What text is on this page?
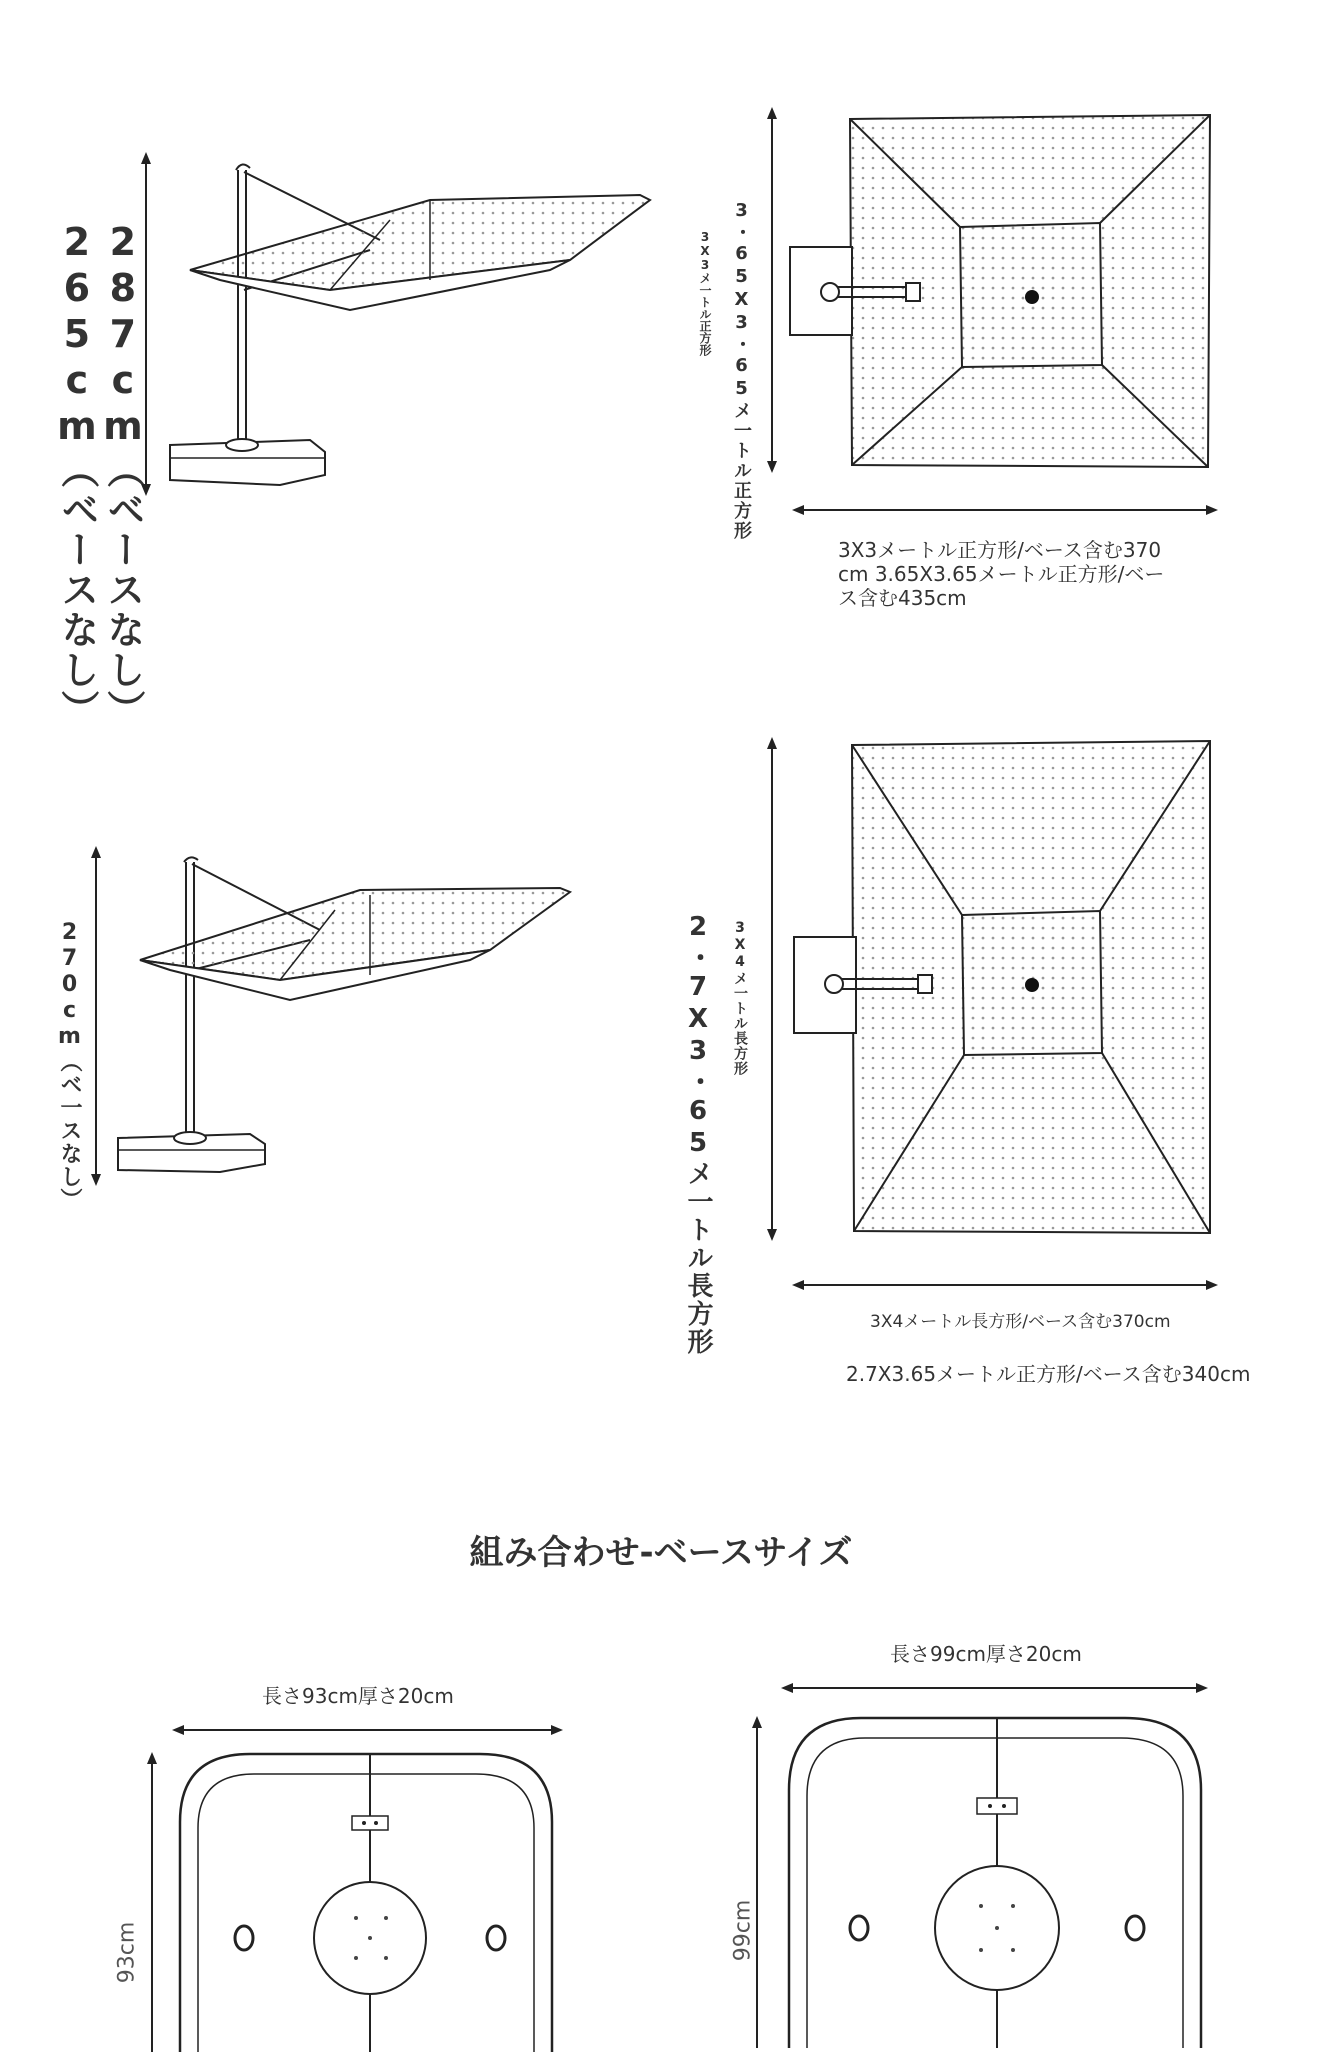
287cm（ベースなし）
265cm（ベースなし）	3・65X3・65メ一トル正方形
3X3メ一トル正方形
3X3メートル正方形/ベース含む370 cm 3.65X3.65メートル正方形/ベース含む435cm
270cm（ベ一スなし）	2・7X3・65メ一トル長方形 3X4メ一トル長方形
3X4メートル長方形/ベース含む370cm
2.7X3.65メートル正方形/ベース含む340cm
組み合わせ-ベースサイズ
長さ93cm厚さ20cm
93cm
長さ99cm厚さ20cm
99cm
